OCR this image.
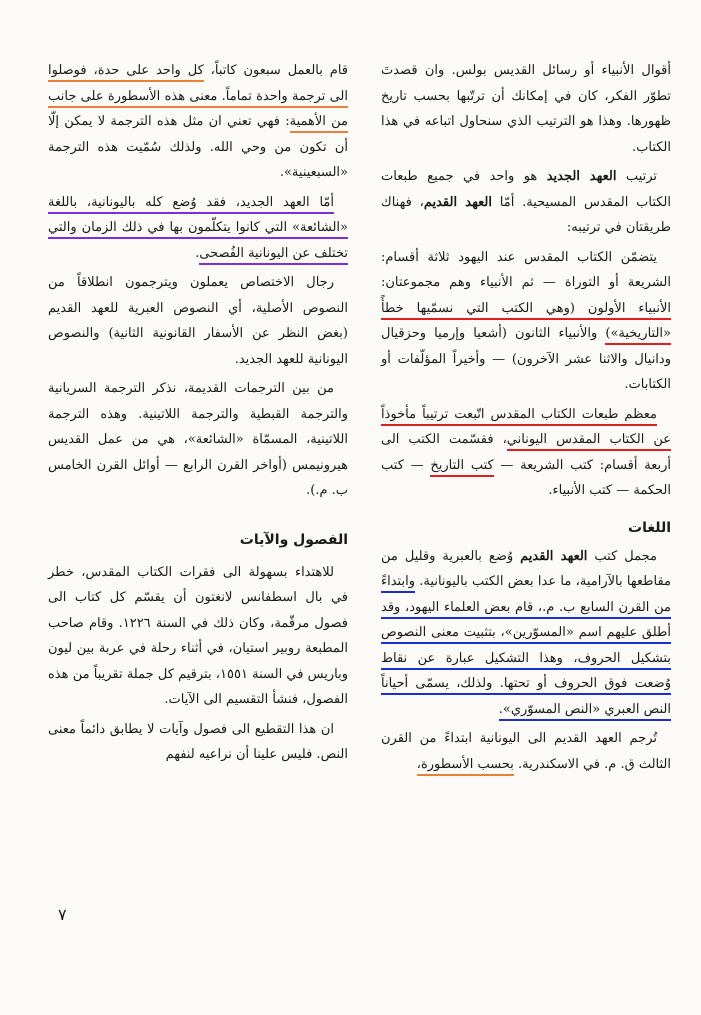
أقوال الأنبياء أو رسائل القديس بولس. وان قصدتَ تطوّر الفكر، كان في إمكانك أن ترتّبها بحسب تاريخ ظهورها. وهذا هو الترتيب الذي سنحاول اتباعه في هذا الكتاب.

ترتيب العهد الجديد هو واحد في جميع طبعات الكتاب المقدس المسيحية. أمّا العهد القديم، فهناك طريقتان في ترتيبه:

يتضمّن الكتاب المقدس عند اليهود ثلاثة أقسام: الشريعة أو التوراة — ثم الأنبياء وهم مجموعتان: الأنبياء الأولون (وهي الكتب التي نسمّيها خطأً «التاريخية») والأنبياء الثانون (أشعيا وإرميا وحزقيال ودانيال والاثنا عشر الآخرون) — وأخيراً المؤلّفات أو الكتابات.

معظم طبعات الكتاب المقدس اتّبعت ترتيباً مأخوذاً عن الكتاب المقدس اليوناني، فقسّمت الكتب الى أربعة أقسام: كتب الشريعة — كتب التاريخ — كتب الحكمة — كتب الأنبياء.

اللغات

مجمل كتب العهد القديم وُضع بالعبرية وقليل من مقاطعها بالآرامية، ما عدا بعض الكتب باليونانية. وابتداءً من القرن السابع ب. م.، قام بعض العلماء اليهود، وقد أطلق عليهم اسم «المسوّرين»، بتثبيت معنى النصوص بتشكيل الحروف، وهذا التشكيل عبارة عن نقاط وُضعت فوق الحروف أو تحتها. ولذلك، يسمّى أحياناً النص العبري «النص المسوّري».

تُرجم العهد القديم الى اليونانية ابتداءً من القرن الثالث ق. م. في الاسكندرية. بحسب الأسطورة،

قام بالعمل سبعون كاتباً، كل واحد على حدة، فوصلوا الى ترجمة واحدة تماماً. معنى هذه الأسطورة على جانب من الأهمية: فهي تعني ان مثل هذه الترجمة لا يمكن إلّا أن تكون من وحي الله. ولذلك سُمّيت هذه الترجمة «السبعينية».

أمّا العهد الجديد، فقد وُضع كله باليونانية، باللغة «الشائعة» التي كانوا يتكلّمون بها في ذلك الزمان والتي تختلف عن اليونانية الفُصحى.

رجال الاختصاص يعملون ويترجمون انطلاقاً من النصوص الأصلية، أي النصوص العبرية للعهد القديم (بغض النظر عن الأسفار القانونية الثانية) والنصوص اليونانية للعهد الجديد.

من بين الترجمات القديمة، نذكر الترجمة السريانية والترجمة القبطية والترجمة اللاتينية. وهذه الترجمة اللاتينية، المسمّاة «الشائعة»، هي من عمل القديس هيرونيمس (أواخر القرن الرابع — أوائل القرن الخامس ب. م.).

الفصول والآيات

للاهتداء بسهولة الى فقرات الكتاب المقدس، خطر في بال اسطفانس لانغتون أن يقسّم كل كتاب الى فصول مرقّمة، وكان ذلك في السنة ١٢٢٦. وقام صاحب المطبعة روبير استيان، في أثناء رحلة في عربة بين ليون وباريس في السنة ١٥٥١، بترقيم كل جملة تقريباً من هذه الفصول، فنشأ التقسيم الى الآيات.

ان هذا التقطيع الى فصول وآيات لا يطابق دائماً معنى النص. فليس علينا أن نراعيه لنفهم

٧
